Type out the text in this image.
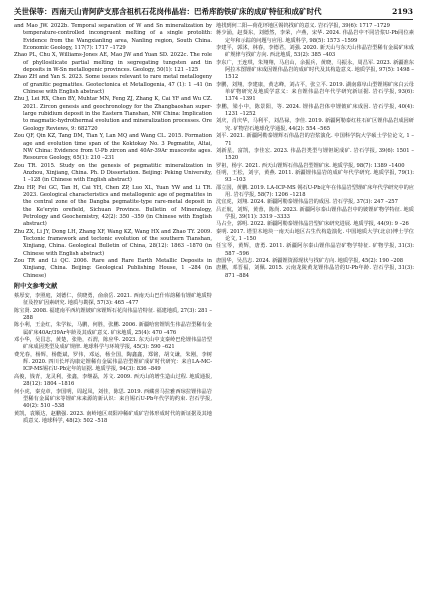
关世保等：西南天山青阿萨支那含祖机石花岗伟晶岩：巴希库韵铁矿床的成矿特征和成矿时代	2193

and Mao JW. 2022b. Temporal separation of W and Sn mineralization by temperature-controlled incongruent melting of a single protolith: Evidence from the Wangxianling area, Nanling region, South China. Economic Geology, 117(7): 1717 –1729

Zhao PL, Chu X, Williams-Jones AE, Mao JW and Yuan SD. 2022c. The role of phyllosilicate partial melting in segregating tungsten and tin deposits in W-Sn metallogenic provinces. Geology, 50(1): 121 –125

Zhao ZH and Yan S. 2023. Some issues relevant to rare metal metallogeny of granitic pegmatites. Geotectonica et Metallogenia, 47 (1): 1 –41 (in Chinese with English abstract)

Zhu J, Lei RX, Chen BY, Muhtar MN, Feng ZJ, Zhang K, Cai YF and Wu CZ. 2021. Zircon genesis and geochronology for the Zhangbaoshan super-large rubidium deposit in the Eastern Tianshan, NW China: Implication to magmatic-hydrothermal evolution and mineralization processes. Ore Geology Reviews, 9: 682720

Zou QF, Qin KZ, Tang DM, Tian Y, Lan MQ and Wang CL. 2015. Formation age and evolution time span of the Koktokay No. 3 Pegmatite, Altai, NW China: Evidence from U-Pb zircon and 40Ar-39Ar muscovite ages. Resource Geology, 65(1): 210 –231

Zou TR. 2015. Study on the genesis of pegmatitic mineralization in Anzhou, Xinjiang, China. Ph. D Dissertation. Beijing: Peking University, 1 –128 (in Chinese with English abstract)

Zhu HP, Fei GC, Tan H, Cai YH, Chen ZP, Luo XL, Yuan YW and Li TR. 2023. Geological characteristics and metallogenic age of pegmatites in the central zone of the Dangba pegmatite-type rare-metal deposit in the Ke'eryin orefield, Sichuan Province. Bulletin of Mineralogy, Petrology and Geochemistry, 42(2): 350 –359 (in Chinese with English abstract)

Zhu ZX, Li JY, Dong LH, Zhang XF, Wang KZ, Wang HX and Zhao TY. 2009. Tectonic framework and tectonic evolution of the southern Tianshan, Xinjiang, China. Geological Bulletin of China, 28(12): 1863 –1870 (in Chinese with English abstract)

Zou TR and Li QC. 2006. Rare and Rare Earth Metallic Deposits in Xinjiang, China. Beijing: Geological Publishing House, 1 –284 (in Chinese)

附中文参考文献

蔡厚安，李照庭，刘德仁，侯晓勇，俞俞岳. 2021. 西南天山巴什库韵稀有锂矿地质特征及控矿因素研究. 地质与勘探, 57(3): 465 –477

陈宝贤. 2008. 福建南平西坑锂铍矿床锂辉石花岗伟晶岩特征. 福建地质, 27(3): 281 –288

陈小利，王金红，朱学耘，马鹏，何胜，张鹏. 2006. 新疆哈密锂钒生伟晶岩型稀有金属矿床40Ar/39Ar年龄及其成矿意义. 矿床地质, 25(4): 470 –476

邓小华，吴昌志，黄楚，张艳，石渭，陈应华. 2023. 东天山中支秦岭巴伦锂伟晶岩型矿床成因类型及成矿规律. 地球科学与环境学报, 45(3): 590 –621

费光春，杨辉，杨能斌，罗伟，邓运，杨全国，陶鑫鑫，郑铭，胡文谦，朱刚，李树辉. 2020. 四川长坪沟康定锂稀有金属伟晶岩型锂矿成矿时代研究：来自LA-MC-ICP-MS锡石U-Pb定年的证据. 地质学报, 94(3): 836 –849

高俊，钱青，龙灵利，张鑫，李继磊，苏文. 2009. 西天山的增生造山过程. 地质通报, 28(12): 1804 –1816

何小虎，秦克章，李国明，周起凤，刘佳，陈思. 2019. 西藏喜马拉雅西琼拉锂伟晶岩型稀有金属矿床等锂矿床来源的新认识：来自锡石U-Pb年代学的约束. 岩石学报, 40(2): 510 –538

黄凯，袁顺达，赵鹏强. 2023. 南岭地区双阳冲稀矿成矿岩体形成时代的新证据及其地质意义. 地球科学, 48(2): 502 –518

地找到何二阳—荷花坪地区锡钨找矿的意义. 岩石学报, 39(6): 1717 –1729

蒋少涌，赵葵东，刘德然，李荣，卢燕，宋华. 2024. 伟晶岩中不同岩浆U-Pb同位素定年和示踪的问题与应用. 地质科学, 98(5): 1573 –1599

李建平，郭沭，林春，李德君，刘强. 2020. 新天山与东天山伟晶岩型稀有金属矿床成矿规律与找矿方向. 西北地质, 53(2): 385 –403

李东广，王连琪，朱翔翔，马启山，余振兵，黄晓，马振永，周昌军. 2023. 新疆准东阿拉木图锂矿床成因锂伟晶岩的成矿时代及其构造意义. 地质学报, 97(5): 1498 –1512

李鹏，刘翔，李建康，黄志峰，刘占平，张立平. 2019. 湖南幕阜山型锂锡矿床白云母单矿物研究及地质学意义：来自锂伟晶岩年代学研究新证据. 岩石学报, 93(6): 1374 –1391

李鹏，梁小中，陈景阳，等. 2024. 锂伟晶岩体中锂铍矿床成因. 岩石学报, 40(4): 1231 –1252

刘庆，肖庆华，马利平，刘昌禄，李佳. 2019. 新疆阿勒泰红柱石矿区锂伟晶岩成因研究. 矿物岩石地球化学通报, 44(2): 554 –565

刘平. 2021. 新疆阿勒泰锂辉石伟晶岩的岩浆演化. 中国科学院大学硕士学位论文, 1 –71

刘新星，富凯，李佳宏. 2023. 伟晶岩类型与锂钽铌成矿. 岩石学报, 39(6): 1501 –1520

罗祖，杨宇. 2021. 西天山锂辉石伟晶岩型锂矿床. 地质学报, 98(7): 1389 –1400

任明，王松，刘宇，黄燕. 2011. 新疆锂伟晶岩的成矿年代学研究. 地质学报, 79(1): 93 –103

邵立国，黄鹏. 2019. LA-ICP-MS 锡石U-Pb定年在伟晶岩型锂矿床年代学研究中的应用. 岩石学报, 58(7): 1206 –1218

沈宜虎，刘翔. 2024. 新疆阿勒泰锂伟晶岩的成因. 岩石学报, 37(3): 247 –257

吕正航，刘辉，黄蓉，陈尚. 2023. 新疆阿尔泰山锂伟晶岩中的铍锂矿物学特征. 地质学报, 39(11): 3319 –3333

马占全，郭明. 2022. 新疆阿勒泰锂伟晶岩型矿床研究进展. 地质学报, 44(9): 9 –26

秦明. 2017. 塔里木地块一南天山地区古生代构造演化. 中国地质大学(北京)博士学位论文, 1 –150

任宝琴，黄辉，唐勇. 2011. 新疆阿尔泰山锂伟晶岩矿物学特征. 矿物学报, 31(3): 587 –596

唐国华，吴昌志. 2024. 新疆锂资源现状与找矿方向. 地质学报, 45(2): 190 –208

唐鹏，邓晋福，刘佩. 2015. 云南龙陵黄龙锂伟晶岩的U-Pb年龄. 岩石学报, 31(3): 871 –884
